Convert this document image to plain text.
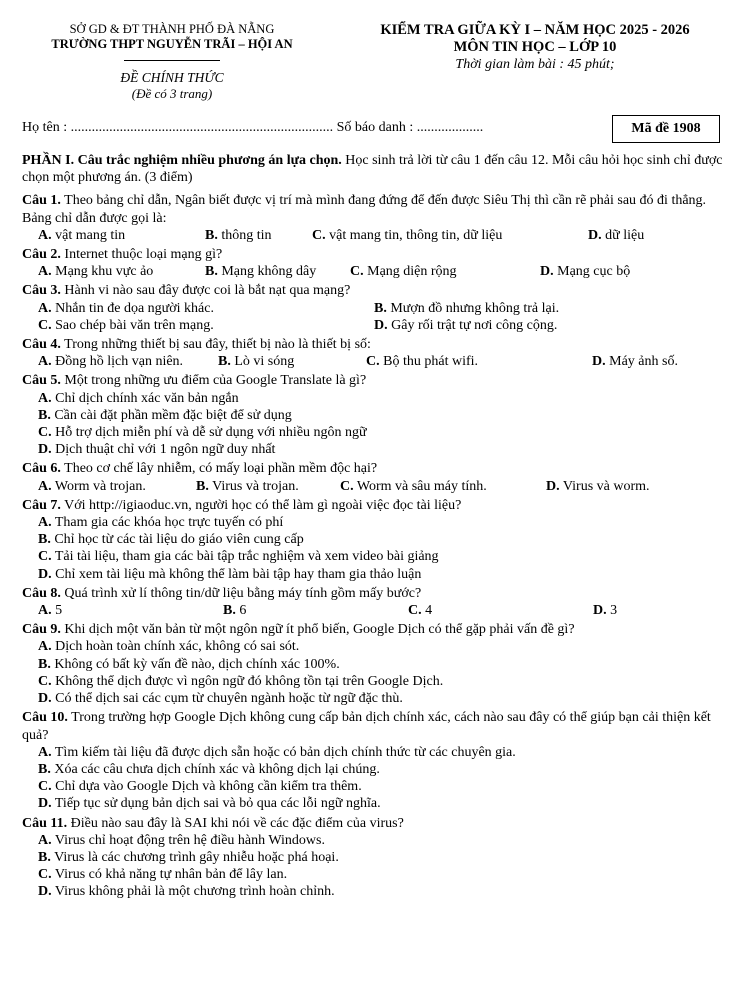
SỞ GD & ĐT THÀNH PHỐ ĐÀ NẴNG
TRƯỜNG THPT NGUYỄN TRÃI – HỘI AN
ĐỀ CHÍNH THỨC
(Đề có 3 trang)
KIỂM TRA GIỮA KỲ I – NĂM HỌC 2025 - 2026
MÔN TIN HỌC – LỚP 10
Thời gian làm bài : 45 phút;
Họ tên : ........................................................................... Số báo danh : ...................	Mã đề 1908
PHẦN I. Câu trắc nghiệm nhiều phương án lựa chọn. Học sinh trả lời từ câu 1 đến câu 12. Mỗi câu hỏi học sinh chỉ được chọn một phương án. (3 điểm)
Câu 1. Theo bảng chỉ dẫn, Ngân biết được vị trí mà mình đang đứng để đến được Siêu Thị thì cần rẽ phải sau đó đi thẳng. Bảng chỉ dẫn được gọi là:
A. vật mang tin	B. thông tin	C. vật mang tin, thông tin, dữ liệu	D. dữ liệu
Câu 2. Internet thuộc loại mạng gì?
A. Mạng khu vực ảo	B. Mạng không dây	C. Mạng diện rộng	D. Mạng cục bộ
Câu 3. Hành vi nào sau đây được coi là bắt nạt qua mạng?
A. Nhắn tin đe dọa người khác.	B. Mượn đồ nhưng không trả lại.
C. Sao chép bài văn trên mạng.	D. Gây rối trật tự nơi công cộng.
Câu 4. Trong những thiết bị sau đây, thiết bị nào là thiết bị số:
A. Đồng hồ lịch vạn niên.	B. Lò vi sóng	C. Bộ thu phát wifi.	D. Máy ảnh số.
Câu 5. Một trong những ưu điểm của Google Translate là gì?
A. Chỉ dịch chính xác văn bản ngắn
B. Cần cài đặt phần mềm đặc biệt để sử dụng
C. Hỗ trợ dịch miễn phí và dễ sử dụng với nhiều ngôn ngữ
D. Dịch thuật chỉ với 1 ngôn ngữ duy nhất
Câu 6. Theo cơ chế lây nhiễm, có mấy loại phần mềm độc hại?
A. Worm và trojan.	B. Virus và trojan.	C. Worm và sâu máy tính.	D. Virus và worm.
Câu 7. Với http://igiaoduc.vn, người học có thể làm gì ngoài việc đọc tài liệu?
A. Tham gia các khóa học trực tuyến có phí
B. Chỉ học từ các tài liệu do giáo viên cung cấp
C. Tải tài liệu, tham gia các bài tập trắc nghiệm và xem video bài giảng
D. Chỉ xem tài liệu mà không thể làm bài tập hay tham gia thảo luận
Câu 8. Quá trình xử lí thông tin/dữ liệu bằng máy tính gồm mấy bước?
A. 5	B. 6	C. 4	D. 3
Câu 9. Khi dịch một văn bản từ một ngôn ngữ ít phổ biến, Google Dịch có thể gặp phải vấn đề gì?
A. Dịch hoàn toàn chính xác, không có sai sót.
B. Không có bất kỳ vấn đề nào, dịch chính xác 100%.
C. Không thể dịch được vì ngôn ngữ đó không tồn tại trên Google Dịch.
D. Có thể dịch sai các cụm từ chuyên ngành hoặc từ ngữ đặc thù.
Câu 10. Trong trường hợp Google Dịch không cung cấp bản dịch chính xác, cách nào sau đây có thể giúp bạn cải thiện kết quả?
A. Tìm kiếm tài liệu đã được dịch sẵn hoặc có bản dịch chính thức từ các chuyên gia.
B. Xóa các câu chưa dịch chính xác và không dịch lại chúng.
C. Chỉ dựa vào Google Dịch và không cần kiểm tra thêm.
D. Tiếp tục sử dụng bản dịch sai và bỏ qua các lỗi ngữ nghĩa.
Câu 11. Điều nào sau đây là SAI khi nói về các đặc điểm của virus?
A. Virus chỉ hoạt động trên hệ điều hành Windows.
B. Virus là các chương trình gây nhiễu hoặc phá hoại.
C. Virus có khả năng tự nhân bản để lây lan.
D. Virus không phải là một chương trình hoàn chỉnh.
